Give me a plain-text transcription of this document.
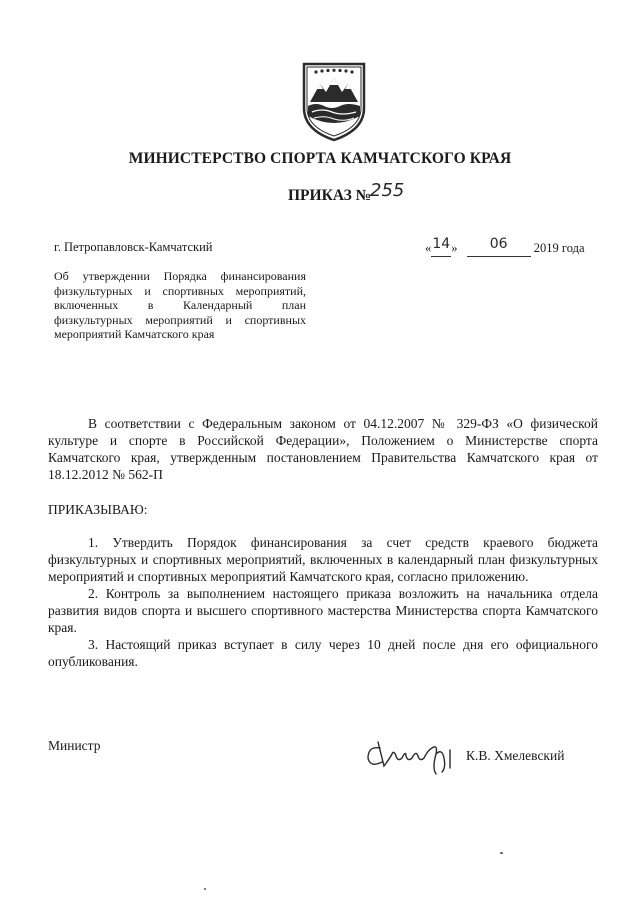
МИНИСТЕРСТВО СПОРТА КАМЧАТСКОГО КРАЯ
ПРИКАЗ №
255
г. Петропавловск-Камчатский	«14» 06 2019 года
Об утверждении Порядка финансирования физкультурных и спортивных мероприятий, включенных в Календарный план физкультурных мероприятий и спортивных мероприятий Камчатского края
В соответствии с Федеральным законом от 04.12.2007 № 329-ФЗ «О физической культуре и спорте в Российской Федерации», Положением о Министерстве спорта Камчатского края, утвержденным постановлением Правительства Камчатского края от 18.12.2012 № 562-П
ПРИКАЗЫВАЮ:

1. Утвердить Порядок финансирования за счет средств краевого бюджета физкультурных и спортивных мероприятий, включенных в календарный план физкультурных мероприятий и спортивных мероприятий Камчатского края, согласно приложению.

2. Контроль за выполнением настоящего приказа возложить на начальника отдела развития видов спорта и высшего спортивного мастерства Министерства спорта Камчатского края.

3. Настоящий приказ вступает в силу через 10 дней после дня его официального опубликования.

Министр
К.В. Хмелевский
